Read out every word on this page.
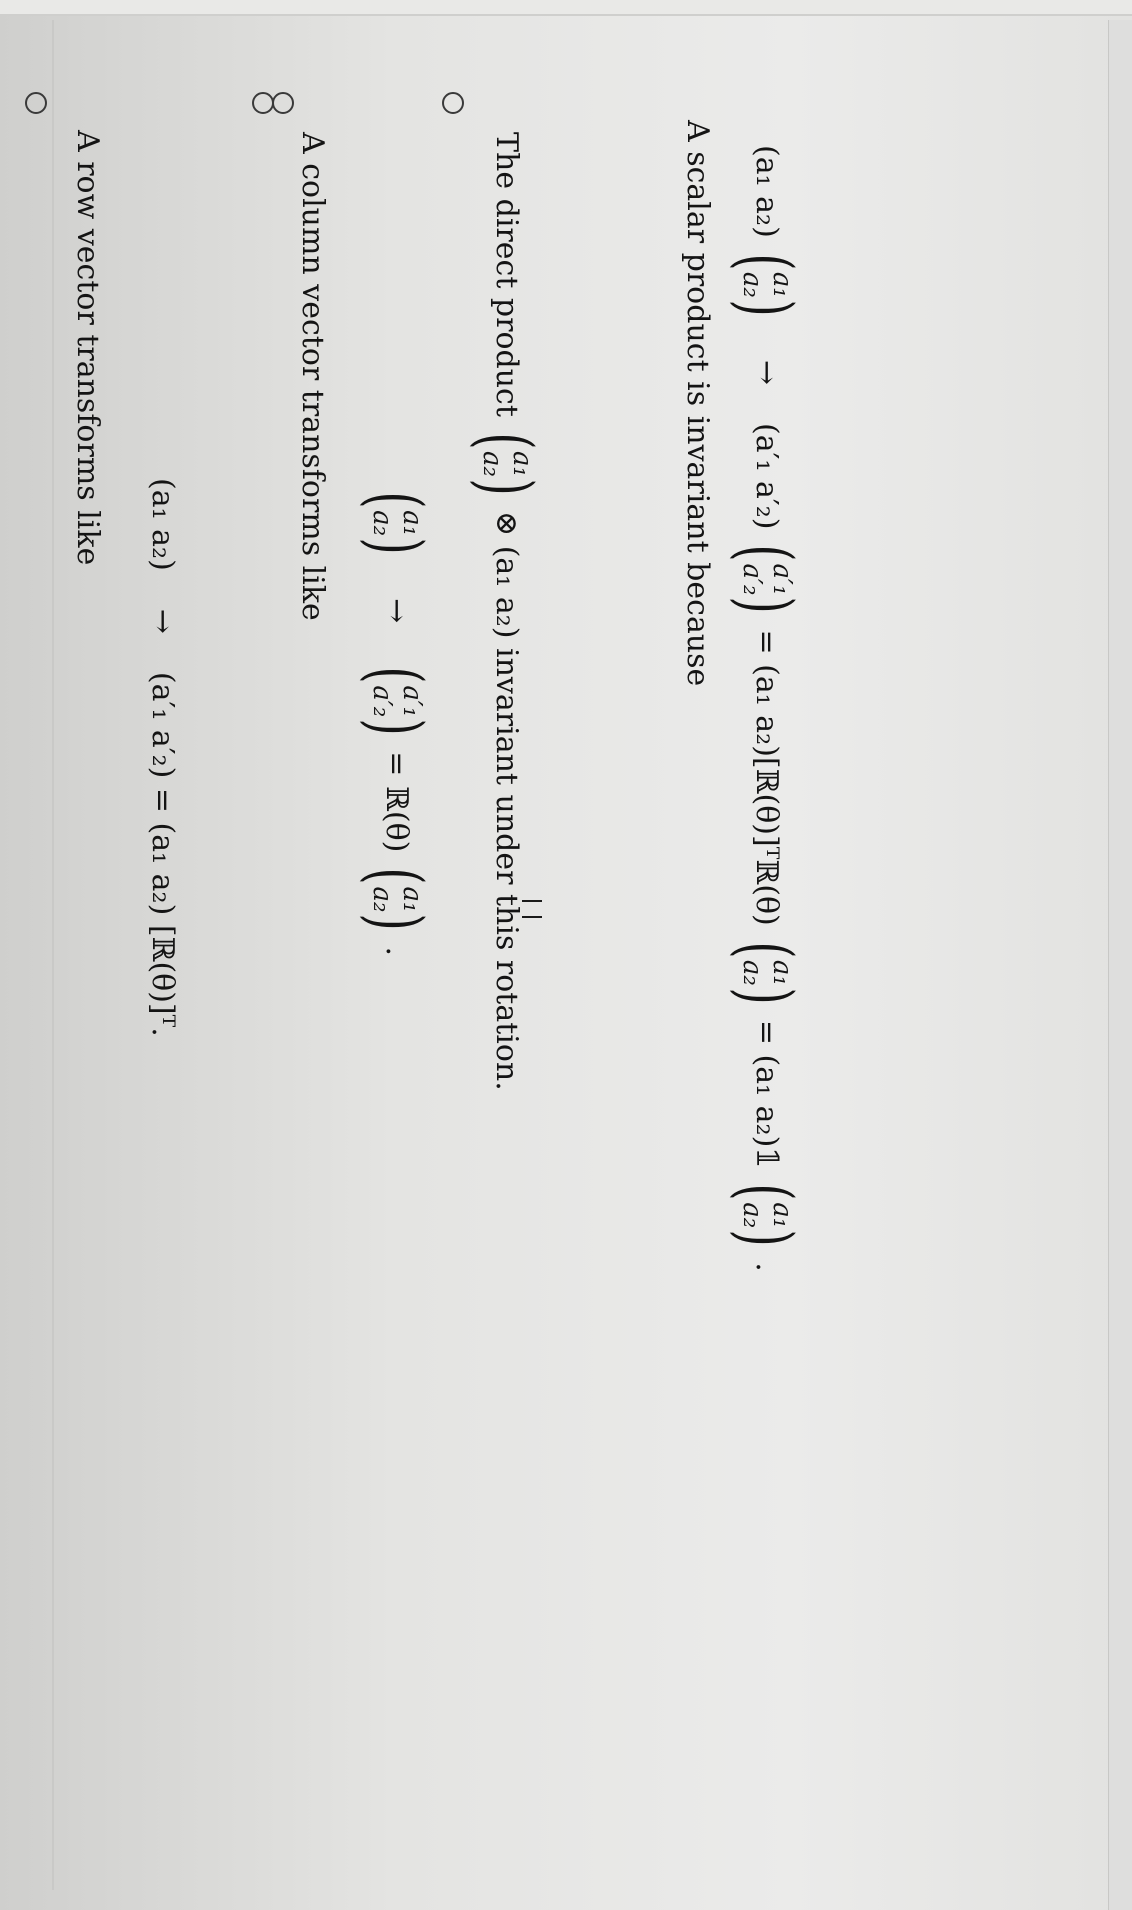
A row vector transforms like (a₁ a₂)
→
(a′₁ a′₂) = (a₁ a₂) [ℝ(θ)]ᵀ.
A column vector transforms like (
a₁
a₂
)
→
(
a′₁
a′₂
)
= ℝ(θ)
(
a₁
a₂
)
.
The direct product
(
a₁
a₂
)
⊗ (a₁ a₂) invariant under this rotation.
A scalar product is invariant because (a₁ a₂)
(
a₁
a₂
)
→
(a′₁ a′₂)
(
a′₁
a′₂
)
= (a₁ a₂)[ℝ(θ)]ᵀℝ(θ)
(
a₁
a₂
)
= (a₁ a₂)𝟙
(
a₁
a₂
)
.
